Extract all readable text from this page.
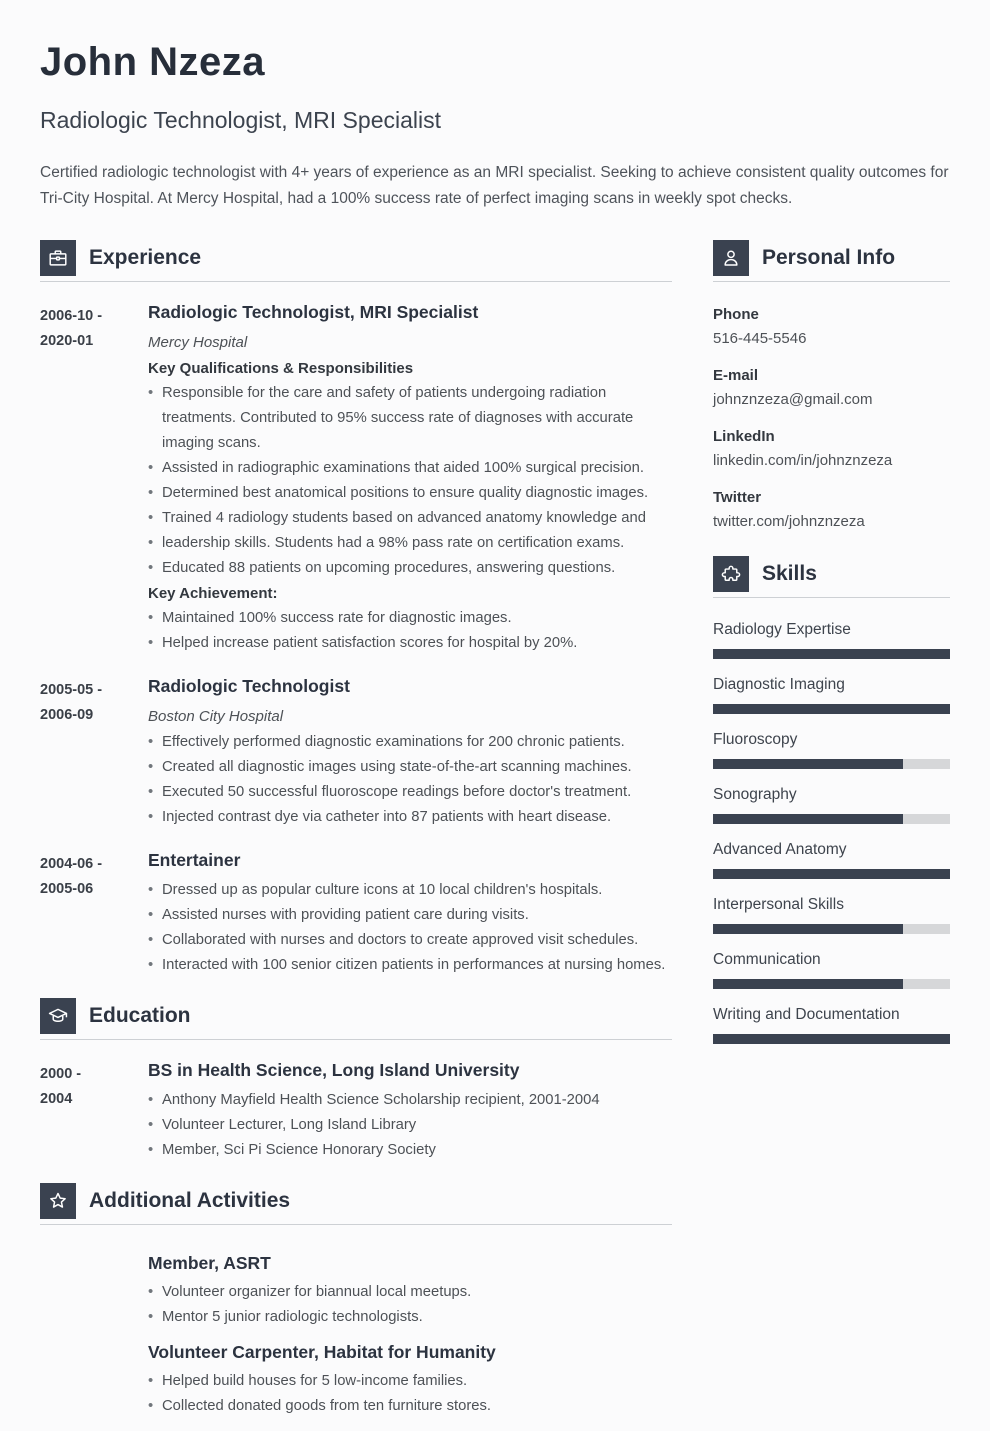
John Nzeza
Radiologic Technologist, MRI Specialist
Certified radiologic technologist with 4+ years of experience as an MRI specialist. Seeking to achieve consistent quality outcomes for Tri-City Hospital. At Mercy Hospital, had a 100% success rate of perfect imaging scans in weekly spot checks.
Experience
2006-10 -
2020-01
Radiologic Technologist, MRI Specialist
Mercy Hospital
Key Qualifications & Responsibilities
• Responsible for the care and safety of patients undergoing radiation treatments. Contributed to 95% success rate of diagnoses with accurate imaging scans.
• Assisted in radiographic examinations that aided 100% surgical precision.
• Determined best anatomical positions to ensure quality diagnostic images.
• Trained 4 radiology students based on advanced anatomy knowledge and
• leadership skills. Students had a 98% pass rate on certification exams.
• Educated 88 patients on upcoming procedures, answering questions.
Key Achievement:
• Maintained 100% success rate for diagnostic images.
• Helped increase patient satisfaction scores for hospital by 20%.
2005-05 -
2006-09
Radiologic Technologist
Boston City Hospital
• Effectively performed diagnostic examinations for 200 chronic patients.
• Created all diagnostic images using state-of-the-art scanning machines.
• Executed 50 successful fluoroscope readings before doctor's treatment.
• Injected contrast dye via catheter into 87 patients with heart disease.
2004-06 -
2005-06
Entertainer
• Dressed up as popular culture icons at 10 local children's hospitals.
• Assisted nurses with providing patient care during visits.
• Collaborated with nurses and doctors to create approved visit schedules.
• Interacted with 100 senior citizen patients in performances at nursing homes.
Education
2000 -
2004
BS in Health Science, Long Island University
• Anthony Mayfield Health Science Scholarship recipient, 2001-2004
• Volunteer Lecturer, Long Island Library
• Member, Sci Pi Science Honorary Society
Additional Activities
Member, ASRT
• Volunteer organizer for biannual local meetups.
• Mentor 5 junior radiologic technologists.
Volunteer Carpenter, Habitat for Humanity
• Helped build houses for 5 low-income families.
• Collected donated goods from ten furniture stores.
Personal Info
Phone
516-445-5546
E-mail
johnznzeza@gmail.com
LinkedIn
linkedin.com/in/johnznzeza
Twitter
twitter.com/johnznzeza
Skills
Radiology Expertise
Diagnostic Imaging
Fluoroscopy
Sonography
Advanced Anatomy
Interpersonal Skills
Communication
Writing and Documentation
